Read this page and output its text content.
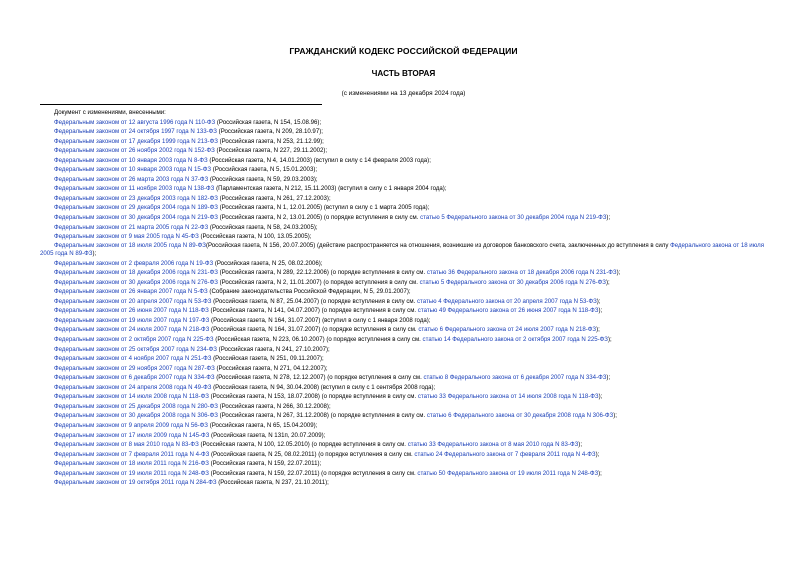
ГРАЖДАНСКИЙ КОДЕКС РОССИЙСКОЙ ФЕДЕРАЦИИ
ЧАСТЬ ВТОРАЯ
(с изменениями на 13 декабря 2024 года)
Документ с изменениями, внесенными:
Федеральным законом от 12 августа 1996 года N 110-ФЗ (Российская газета, N 154, 15.08.96);
Федеральным законом от 24 октября 1997 года N 133-ФЗ (Российская газета, N 209, 28.10.97);
Федеральным законом от 17 декабря 1999 года N 213-ФЗ (Российская газета, N 253, 21.12.99);
Федеральным законом от 26 ноября 2002 года N 152-ФЗ (Российская газета, N 227, 29.11.2002);
Федеральным законом от 10 января 2003 года N 8-ФЗ (Российская газета, N 4, 14.01.2003) (вступил в силу с 14 февраля 2003 года);
Федеральным законом от 10 января 2003 года N 15-ФЗ (Российская газета, N 5, 15.01.2003);
Федеральным законом от 26 марта 2003 года N 37-ФЗ (Российская газета, N 59, 29.03.2003);
Федеральным законом от 11 ноября 2003 года N 138-ФЗ (Парламентская газета, N 212, 15.11.2003) (вступил в силу с 1 января 2004 года);
Федеральным законом от 23 декабря 2003 года N 182-ФЗ (Российская газета, N 261, 27.12.2003);
Федеральным законом от 29 декабря 2004 года N 189-ФЗ (Российская газета, N 1, 12.01.2005) (вступил в силу с 1 марта 2005 года);
Федеральным законом от 30 декабря 2004 года N 219-ФЗ (Российская газета, N 2, 13.01.2005) (о порядке вступления в силу см. статью 5 Федерального закона от 30 декабря 2004 года N 219-ФЗ);
Федеральным законом от 21 марта 2005 года N 22-ФЗ (Российская газета, N 58, 24.03.2005);
Федеральным законом от 9 мая 2005 года N 45-ФЗ (Российская газета, N 100, 13.05.2005);
Федеральным законом от 18 июля 2005 года N 89-ФЗ(Российская газета, N 156, 20.07.2005) (действие распространяется на отношения, возникшие из договоров банковского счета, заключенных до вступления в силу Федерального закона от 18 июля 2005 года N 89-ФЗ);
Федеральным законом от 2 февраля 2006 года N 19-ФЗ (Российская газета, N 25, 08.02.2006);
Федеральным законом от 18 декабря 2006 года N 231-ФЗ (Российская газета, N 289, 22.12.2006) (о порядке вступления в силу см. статью 36 Федерального закона от 18 декабря 2006 года N 231-ФЗ);
Федеральным законом от 30 декабря 2006 года N 276-ФЗ (Российская газета, N 2, 11.01.2007) (о порядке вступления в силу см. статью 5 Федерального закона от 30 декабря 2006 года N 276-ФЗ);
Федеральным законом от 26 января 2007 года N 5-ФЗ (Собрание законодательства Российской Федерации, N 5, 29.01.2007);
Федеральным законом от 20 апреля 2007 года N 53-ФЗ (Российская газета, N 87, 25.04.2007) (о порядке вступления в силу см. статью 4 Федерального закона от 20 апреля 2007 года N 53-ФЗ);
Федеральным законом от 26 июня 2007 года N 118-ФЗ (Российская газета, N 141, 04.07.2007) (о порядке вступления в силу см. статью 49 Федерального закона от 26 июня 2007 года N 118-ФЗ);
Федеральным законом от 19 июля 2007 года N 197-ФЗ (Российская газета, N 164, 31.07.2007) (вступил в силу с 1 января 2008 года);
Федеральным законом от 24 июля 2007 года N 218-ФЗ (Российская газета, N 164, 31.07.2007) (о порядке вступления в силу см. статью 6 Федерального закона от 24 июля 2007 года N 218-ФЗ);
Федеральным законом от 2 октября 2007 года N 225-ФЗ (Российская газета, N 223, 06.10.2007) (о порядке вступления в силу см. статью 14 Федерального закона от 2 октября 2007 года N 225-ФЗ);
Федеральным законом от 25 октября 2007 года N 234-ФЗ (Российская газета, N 241, 27.10.2007);
Федеральным законом от 4 ноября 2007 года N 251-ФЗ (Российская газета, N 251, 09.11.2007);
Федеральным законом от 29 ноября 2007 года N 287-ФЗ (Российская газета, N 271, 04.12.2007);
Федеральным законом от 6 декабря 2007 года N 334-ФЗ (Российская газета, N 278, 12.12.2007) (о порядке вступления в силу см. статью 8 Федерального закона от 6 декабря 2007 года N 334-ФЗ);
Федеральным законом от 24 апреля 2008 года N 49-ФЗ (Российская газета, N 94, 30.04.2008) (вступил в силу с 1 сентября 2008 года);
Федеральным законом от 14 июля 2008 года N 118-ФЗ (Российская газета, N 153, 18.07.2008) (о порядке вступления в силу см. статью 33 Федерального закона от 14 июля 2008 года N 118-ФЗ);
Федеральным законом от 25 декабря 2008 года N 280-ФЗ (Российская газета, N 266, 30.12.2008);
Федеральным законом от 30 декабря 2008 года N 306-ФЗ (Российская газета, N 267, 31.12.2008) (о порядке вступления в силу см. статью 6 Федерального закона от 30 декабря 2008 года N 306-ФЗ);
Федеральным законом от 9 апреля 2009 года N 56-ФЗ (Российская газета, N 65, 15.04.2009);
Федеральным законом от 17 июля 2009 года N 145-ФЗ (Российская газета, N 131п, 20.07.2009);
Федеральным законом от 8 мая 2010 года N 83-ФЗ (Российская газета, N 100, 12.05.2010) (о порядке вступления в силу см. статью 33 Федерального закона от 8 мая 2010 года N 83-ФЗ);
Федеральным законом от 7 февраля 2011 года N 4-ФЗ (Российская газета, N 25, 08.02.2011) (о порядке вступления в силу см. статью 24 Федерального закона от 7 февраля 2011 года N 4-ФЗ);
Федеральным законом от 18 июля 2011 года N 216-ФЗ (Российская газета, N 159, 22.07.2011);
Федеральным законом от 19 июля 2011 года N 248-ФЗ (Российская газета, N 159, 22.07.2011) (о порядке вступления в силу см. статью 50 Федерального закона от 19 июля 2011 года N 248-ФЗ);
Федеральным законом от 19 октября 2011 года N 284-ФЗ (Российская газета, N 237, 21.10.2011);
